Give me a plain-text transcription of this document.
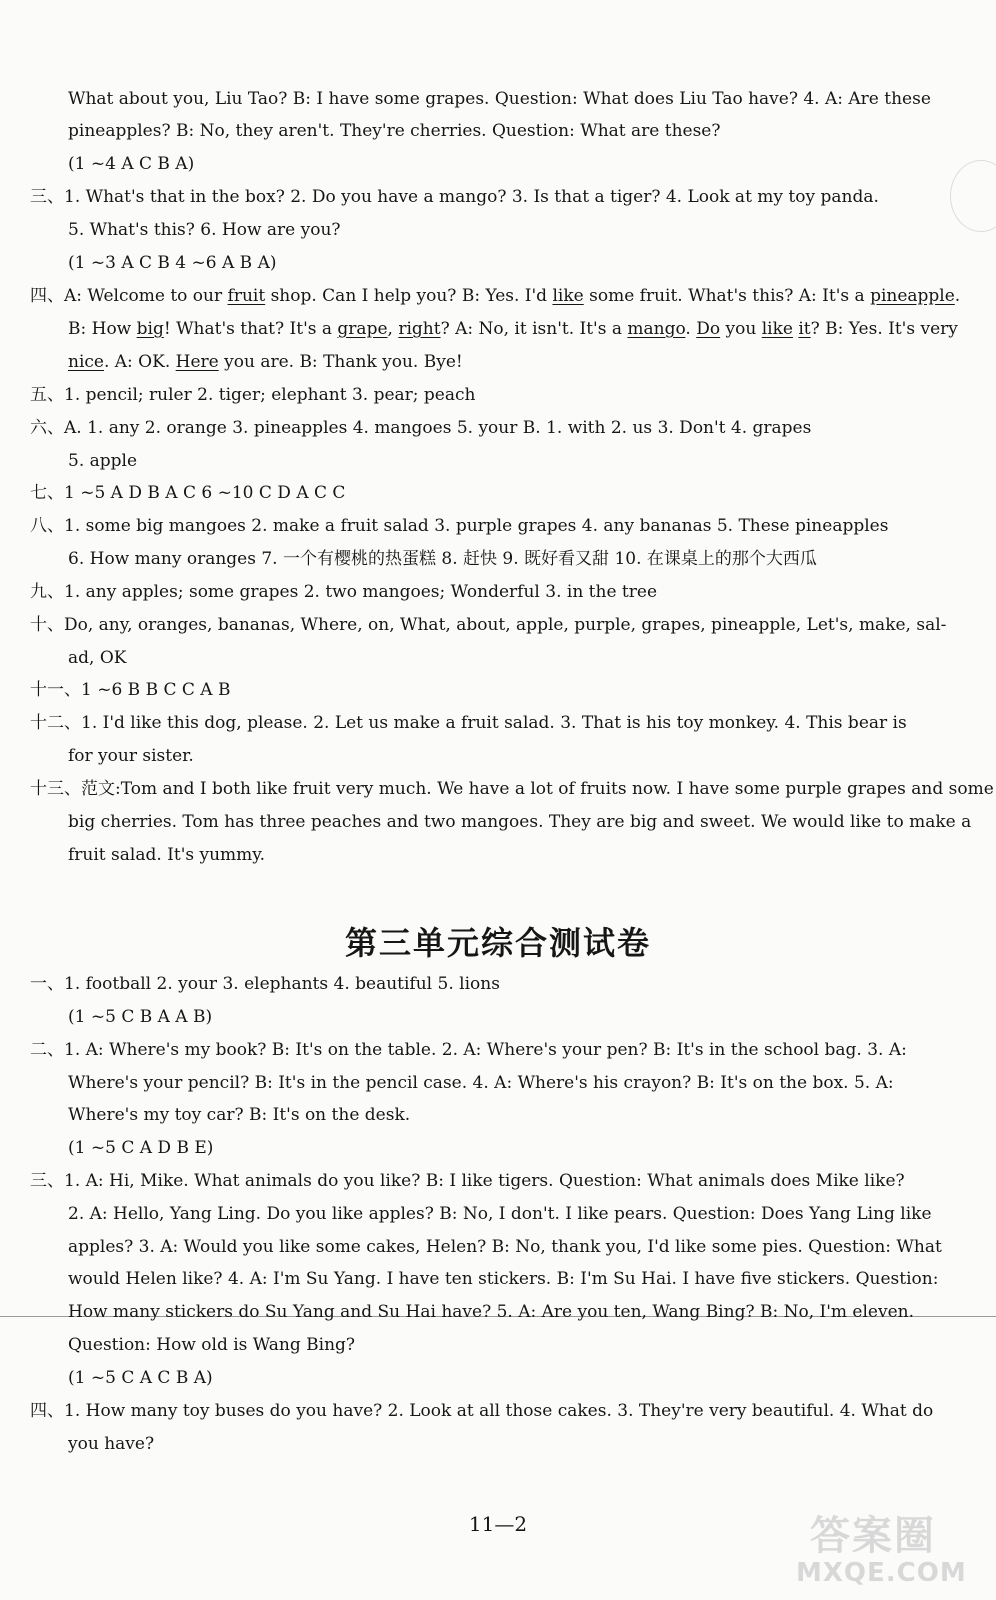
What about you, Liu Tao? B: I have some grapes. Question: What does Liu Tao have? 4. A: Are these
pineapples? B: No, they aren't. They're cherries. Question: What are these?
(1 ~4 A C B A)
三、1. What's that in the box? 2. Do you have a mango? 3. Is that a tiger? 4. Look at my toy panda.
5. What's this? 6. How are you?
(1 ~3 A C B 4 ~6 A B A)
四、A: Welcome to our fruit shop. Can I help you? B: Yes. I'd like some fruit. What's this? A: It's a pineapple.
B: How big! What's that? It's a grape, right? A: No, it isn't. It's a mango. Do you like it? B: Yes. It's very
nice. A: OK. Here you are. B: Thank you. Bye!
五、1. pencil; ruler 2. tiger; elephant 3. pear; peach
六、A. 1. any 2. orange 3. pineapples 4. mangoes 5. your B. 1. with 2. us 3. Don't 4. grapes
5. apple
七、1 ~5 A D B A C 6 ~10 C D A C C
八、1. some big mangoes 2. make a fruit salad 3. purple grapes 4. any bananas 5. These pineapples
6. How many oranges 7. 一个有樱桃的热蛋糕 8. 赶快 9. 既好看又甜 10. 在课桌上的那个大西瓜
九、1. any apples; some grapes 2. two mangoes; Wonderful 3. in the tree
十、Do, any, oranges, bananas, Where, on, What, about, apple, purple, grapes, pineapple, Let's, make, sal-
ad, OK
十一、1 ~6 B B C C A B
十二、1. I'd like this dog, please. 2. Let us make a fruit salad. 3. That is his toy monkey. 4. This bear is
for your sister.
十三、范文:Tom and I both like fruit very much. We have a lot of fruits now. I have some purple grapes and some
big cherries. Tom has three peaches and two mangoes. They are big and sweet. We would like to make a
fruit salad. It's yummy.
第三单元综合测试卷
一、1. football 2. your 3. elephants 4. beautiful 5. lions
(1 ~5 C B A A B)
二、1. A: Where's my book? B: It's on the table. 2. A: Where's your pen? B: It's in the school bag. 3. A:
Where's your pencil? B: It's in the pencil case. 4. A: Where's his crayon? B: It's on the box. 5. A:
Where's my toy car? B: It's on the desk.
(1 ~5 C A D B E)
三、1. A: Hi, Mike. What animals do you like? B: I like tigers. Question: What animals does Mike like?
2. A: Hello, Yang Ling. Do you like apples? B: No, I don't. I like pears. Question: Does Yang Ling like
apples? 3. A: Would you like some cakes, Helen? B: No, thank you, I'd like some pies. Question: What
would Helen like? 4. A: I'm Su Yang. I have ten stickers. B: I'm Su Hai. I have five stickers. Question:
How many stickers do Su Yang and Su Hai have? 5. A: Are you ten, Wang Bing? B: No, I'm eleven.
Question: How old is Wang Bing?
(1 ~5 C A C B A)
四、1. How many toy buses do you have? 2. Look at all those cakes. 3. They're very beautiful. 4. What do
you have?
11—2	答案圈
MXQE.COM
